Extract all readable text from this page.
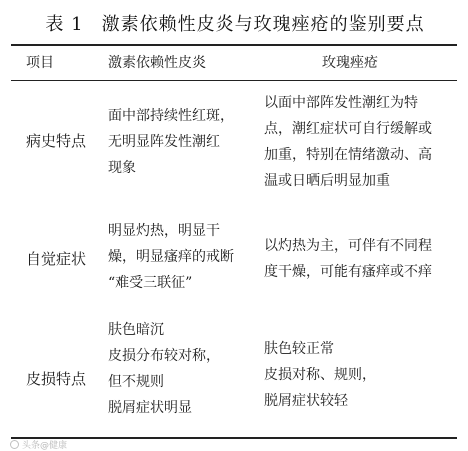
表 1 激素依赖性皮炎与玫瑰痤疮的鉴别要点
项目	激素依赖性皮炎	玫瑰痤疮
病史特点
面中部持续性红斑，
无明显阵发性潮红
现象
以面中部阵发性潮红为特
点，潮红症状可自行缓解或
加重，特别在情绪激动、高
温或日晒后明显加重
自觉症状
明显灼热，明显干
燥，明显瘙痒的戒断
“难受三联征”
以灼热为主，可伴有不同程
度干燥，可能有瘙痒或不痒
皮损特点
肤色暗沉
皮损分布较对称，
但不规则
脱屑症状明显
肤色较正常
皮损对称、规则，
脱屑症状较轻
头条@健康
